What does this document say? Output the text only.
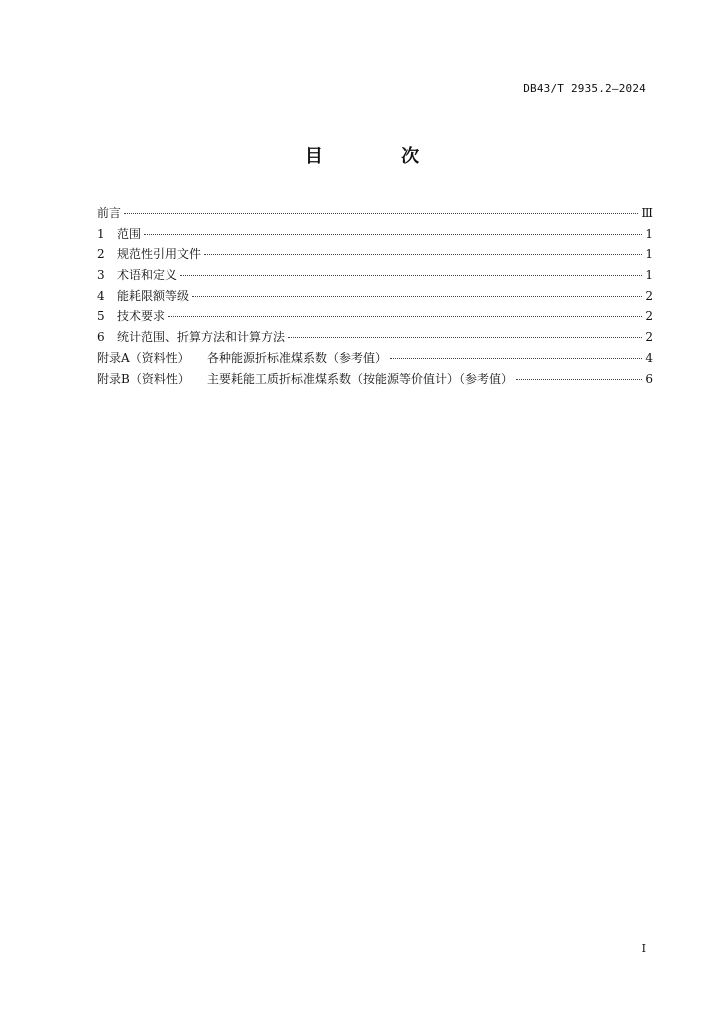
DB43/T 2935.2—2024
目 次
前言	Ⅲ
1	范围	1
2	规范性引用文件	1
3	术语和定义	1
4	能耗限额等级	2
5	技术要求	2
6	统计范围、折算方法和计算方法	2
附录A（资料性）	各种能源折标准煤系数（参考值）	4
附录B（资料性）	主要耗能工质折标准煤系数（按能源等价值计）（参考值）	6
I
